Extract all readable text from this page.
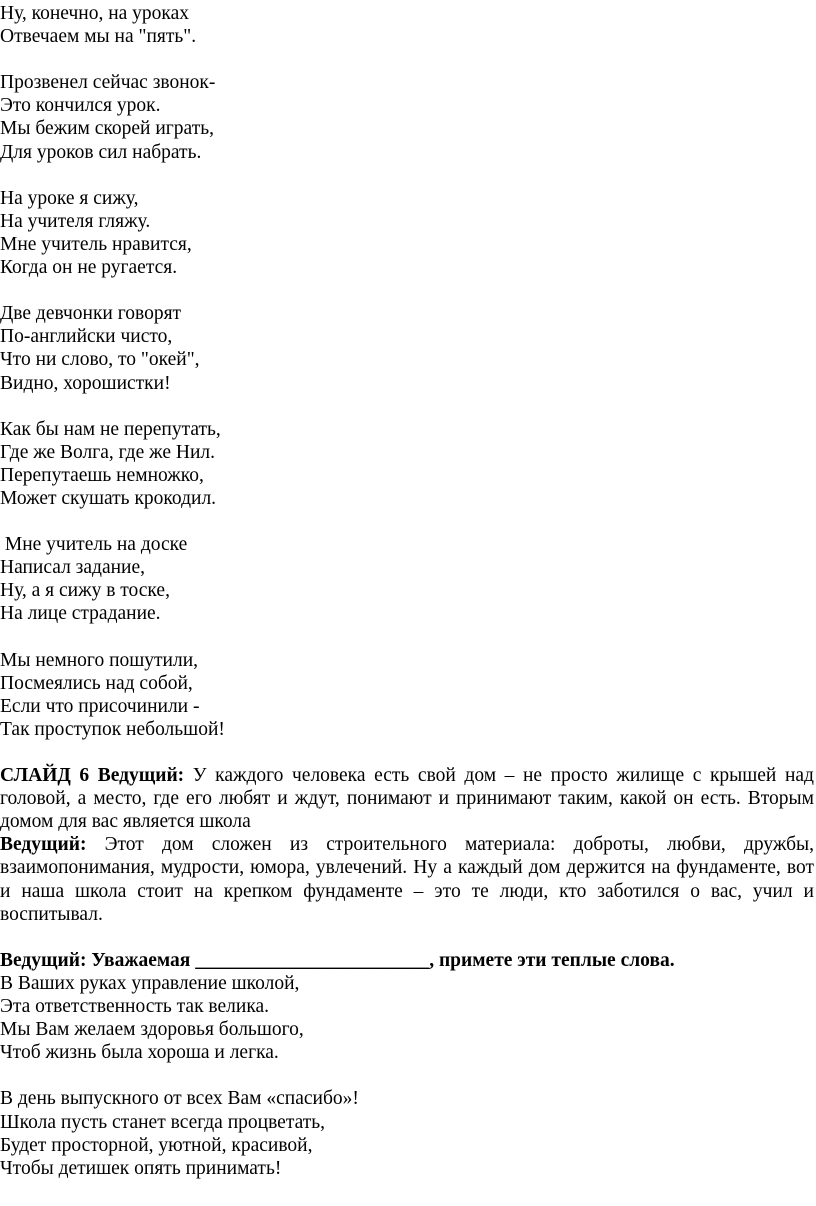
Ну, конечно, на уроках
Отвечаем мы на "пять".
Прозвенел сейчас звонок-
Это кончился урок.
Мы бежим скорей играть,
Для уроков сил набрать.
На уроке я сижу,
На учителя гляжу.
Мне учитель нравится,
Когда он не ругается.
Две девчонки говорят
По-английски чисто,
Что ни слово, то "окей",
Видно, хорошистки!
Как бы нам не перепутать,
Где же Волга, где же Нил.
Перепутаешь немножко,
Может скушать крокодил.
Мне учитель на доске
Написал задание,
Ну, а я сижу в тоске,
На лице страдание.
Мы немного пошутили,
Посмеялись над собой,
Если что присочинили -
Так проступок небольшой!

СЛАЙД 6 Ведущий: У каждого человека есть свой дом – не просто жилище с крышей над головой, а место, где его любят и ждут, понимают и принимают таким, какой он есть. Вторым домом для вас является школа

Ведущий: Этот дом сложен из строительного материала: доброты, любви, дружбы, взаимопонимания, мудрости, юмора, увлечений. Ну а каждый дом держится на фундаменте, вот и наша школа стоит на крепком фундаменте – это те люди, кто заботился о вас, учил и воспитывал.

Ведущий: Уважаемая ________________________, примете эти теплые слова.

В Ваших руках управление школой,
Эта ответственность так велика.
Мы Вам желаем здоровья большого,
Чтоб жизнь была хороша и легка.
В день выпускного от всех Вам «спасибо»!
Школа пусть станет всегда процветать,
Будет просторной, уютной, красивой,
Чтобы детишек опять принимать!
